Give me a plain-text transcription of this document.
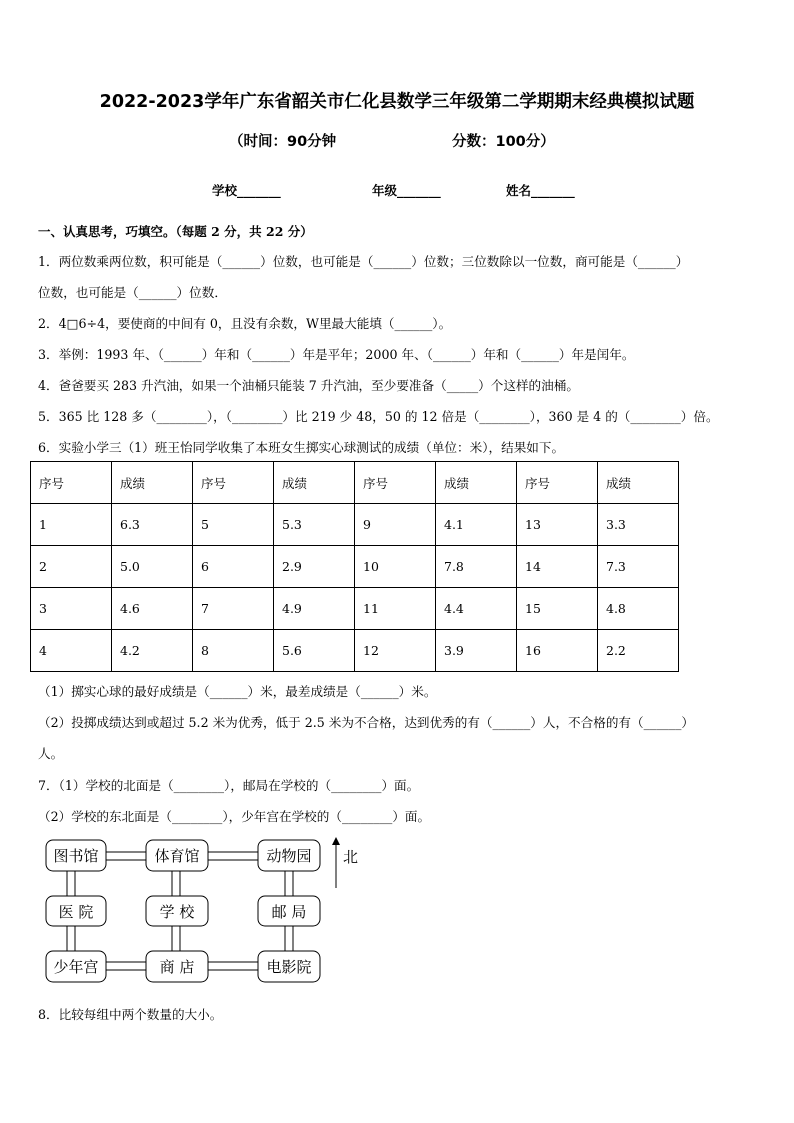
2022-2023学年广东省韶关市仁化县数学三年级第二学期期末经典模拟试题
（时间：90分钟	分数：100分）
学校_______	年级_______	姓名_______
一、认真思考，巧填空。（每题 2 分，共 22 分）
1．两位数乘两位数，积可能是（______）位数，也可能是（______）位数；三位数除以一位数，商可能是（______）
位数，也可能是（______）位数．
2．4□6÷4，要使商的中间有 0，且没有余数，W里最大能填（______）。
3．举例：1993 年、（______）年和（______）年是平年；2000 年、（______）年和（______）年是闰年。
4．爸爸要买 283 升汽油，如果一个油桶只能装 7 升汽油，至少要准备（_____）个这样的油桶。
5．365 比 128 多（________），（________）比 219 少 48，50 的 12 倍是（________），360 是 4 的（________）倍。
6．实验小学三（1）班王怡同学收集了本班女生掷实心球测试的成绩（单位：米），结果如下。
序号	成绩	序号	成绩	序号	成绩	序号	成绩
1	6.3	5	5.3	9	4.1	13	3.3
2	5.0	6	2.9	10	7.8	14	7.3
3	4.6	7	4.9	11	4.4	15	4.8
4	4.2	8	5.6	12	3.9	16	2.2
（1）掷实心球的最好成绩是（______）米，最差成绩是（______）米。
（2）投掷成绩达到或超过 5.2 米为优秀，低于 2.5 米为不合格，达到优秀的有（______）人，不合格的有（______）
人。
7．（1）学校的北面是（________），邮局在学校的（________）面。
（2）学校的东北面是（________），少年宫在学校的（________）面。
图书馆	体育馆	动物园
医 院	学 校	邮 局
少年宫	商 店	电影院
北
8．比较每组中两个数量的大小。
